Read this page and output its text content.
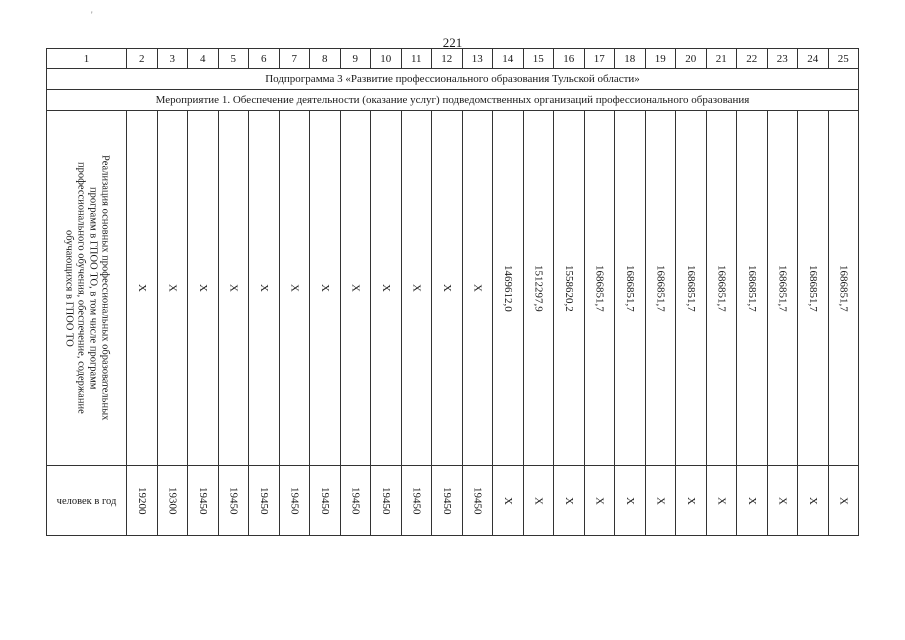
221
'
1	2	3	4	5	6	7	8	9	10	11	12	13	14	15	16	17	18	19	20	21	22	23	24	25
Подпрограмма 3 «Развитие профессионального образования Тульской области»																								
Мероприятие 1. Обеспечение деятельности (оказание услуг) подведомственных организаций профессионального образования																								

Реализация основных профессиональных образовательных
программ в ГПОО ТО, в том числе программ
профессионального обучения, обеспечение, содержание
обучающихся в ГПОО ТО	Х	Х	Х	Х	Х	Х	Х	Х	Х	Х	Х	Х	1469612,0	1512297,9	1558620,2	1686851,7	1686851,7	1686851,7	1686851,7	1686851,7	1686851,7	1686851,7	1686851,7	1686851,7

человек в год	19200	19300	19450	19450	19450	19450	19450	19450	19450	19450	19450	19450	Х	Х	Х	Х	Х	Х	Х	Х	Х	Х	Х	Х
